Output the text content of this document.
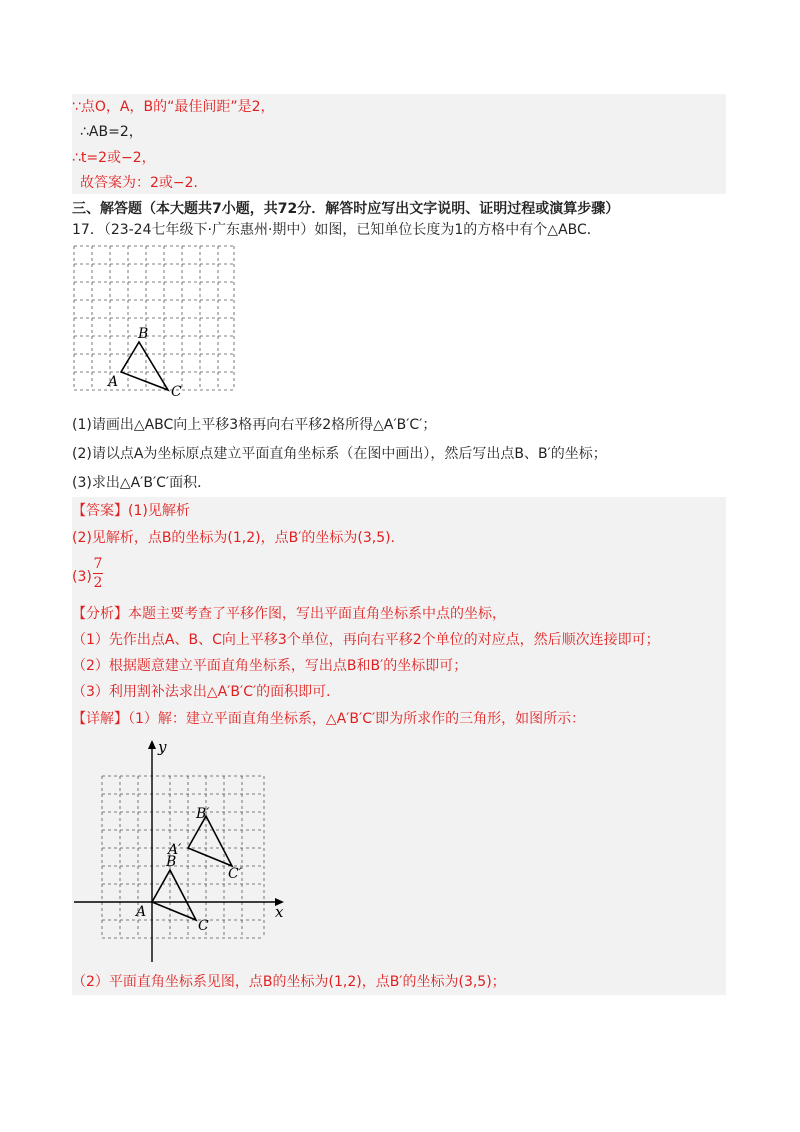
∵点O，A，B的“最佳间距”是2，
∴AB=2，
∴t=2或−2，
故答案为：2或−2．
三、解答题（本大题共7小题，共72分．解答时应写出文字说明、证明过程或演算步骤）
17．（23-24七年级下·广东惠州·期中）如图，已知单位长度为1的方格中有个△ABC．
A
B
C
(1)请画出△ABC向上平移3格再向右平移2格所得△A′B′C′；
(2)请以点A为坐标原点建立平面直角坐标系（在图中画出），然后写出点B、B′的坐标；
(3)求出△A′B′C′面积．
【答案】(1)见解析
(2)见解析，点B的坐标为(1,2)，点B′的坐标为(3,5)．
(3)
7
2
【分析】本题主要考查了平移作图，写出平面直角坐标系中点的坐标，
（1）先作出点A、B、C向上平移3个单位，再向右平移2个单位的对应点，然后顺次连接即可；
（2）根据题意建立平面直角坐标系，写出点B和B′的坐标即可；
（3）利用割补法求出△A′B′C′的面积即可．
【详解】（1）解：建立平面直角坐标系，△A′B′C′即为所求作的三角形，如图所示：
A
B
C
A′
B′
C′
x
y
（2）平面直角坐标系见图，点B的坐标为(1,2)，点B′的坐标为(3,5)；
